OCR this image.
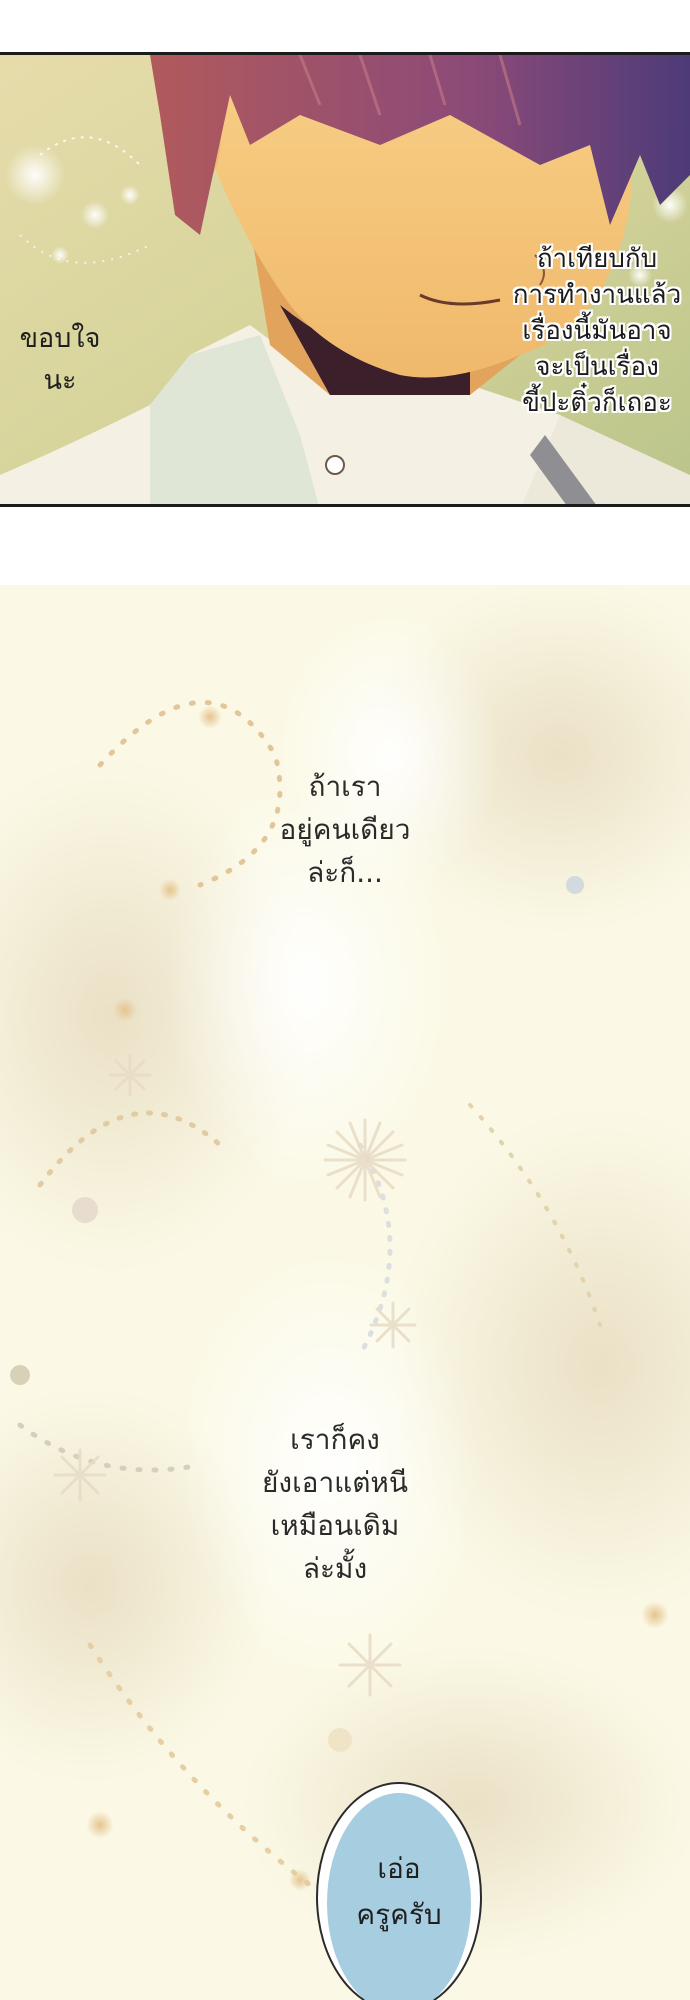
ถ้าเทียบกับ
การทำงานแล้ว
เรื่องนี้มันอาจ
จะเป็นเรื่อง
ขี้ปะติ๋วก็เถอะ
ขอบใจ
นะ
ถ้าเรา
อยู่คนเดียว
ล่ะก็...
เราก็คง
ยังเอาแต่หนี
เหมือนเดิม
ล่ะมั้ง
เอ่อ
ครูครับ
